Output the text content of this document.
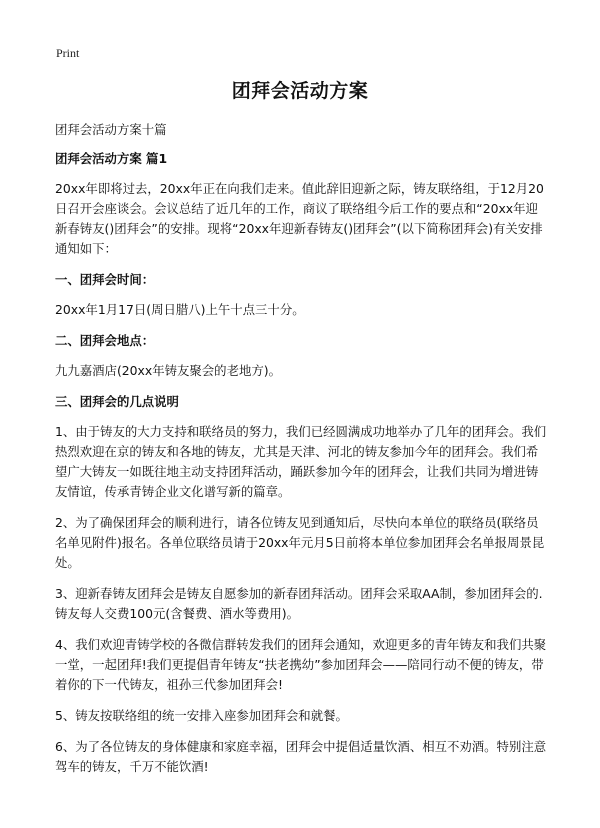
Print
团拜会活动方案

团拜会活动方案十篇

团拜会活动方案 篇1

20xx年即将过去，20xx年正在向我们走来。值此辞旧迎新之际，铸友联络组，于12月20日召开会座谈会。会议总结了近几年的工作，商议了联络组今后工作的要点和“20xx年迎新春铸友()团拜会”的安排。现将“20xx年迎新春铸友()团拜会”(以下简称团拜会)有关安排通知如下：

一、团拜会时间：

20xx年1月17日(周日腊八)上午十点三十分。

二、团拜会地点：

九九嘉酒店(20xx年铸友聚会的老地方)。

三、团拜会的几点说明

1、由于铸友的大力支持和联络员的努力，我们已经圆满成功地举办了几年的团拜会。我们热烈欢迎在京的铸友和各地的铸友，尤其是天津、河北的铸友参加今年的团拜会。我们希望广大铸友一如既往地主动支持团拜活动，踊跃参加今年的团拜会，让我们共同为增进铸友情谊，传承青铸企业文化谱写新的篇章。

2、为了确保团拜会的顺利进行，请各位铸友见到通知后，尽快向本单位的联络员(联络员名单见附件)报名。各单位联络员请于20xx年元月5日前将本单位参加团拜会名单报周景昆处。

3、迎新春铸友团拜会是铸友自愿参加的新春团拜活动。团拜会采取AA制，参加团拜会的.铸友每人交费100元(含餐费、酒水等费用)。

4、我们欢迎青铸学校的各微信群转发我们的团拜会通知，欢迎更多的青年铸友和我们共聚一堂，一起团拜!我们更提倡青年铸友“扶老携幼”参加团拜会——陪同行动不便的铸友，带着你的下一代铸友，祖孙三代参加团拜会!

5、铸友按联络组的统一安排入座参加团拜会和就餐。

6、为了各位铸友的身体健康和家庭幸福，团拜会中提倡适量饮酒、相互不劝酒。特别注意驾车的铸友，千万不能饮酒!
